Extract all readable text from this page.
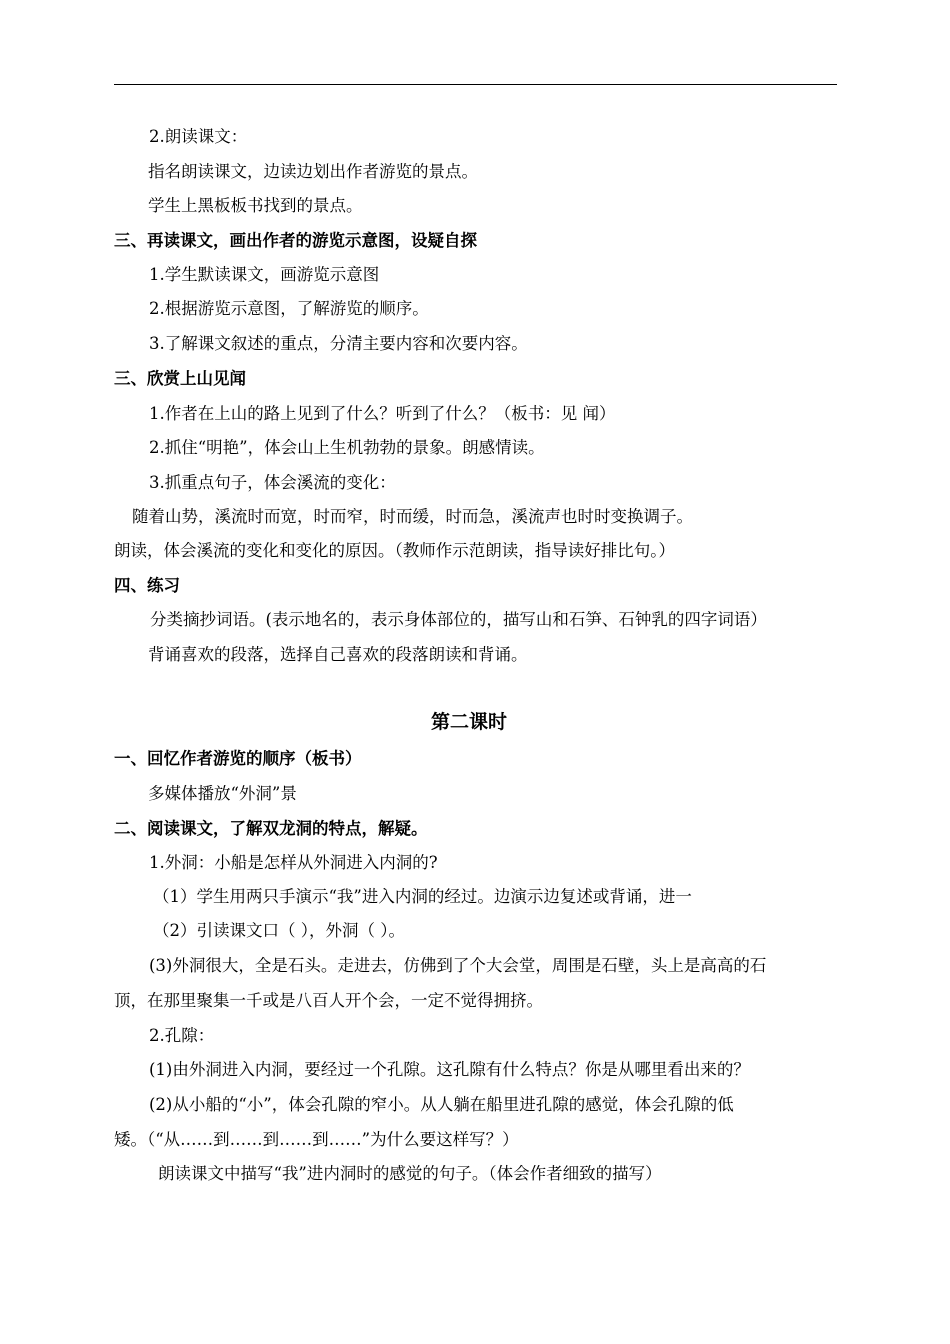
2.朗读课文：
指名朗读课文，边读边划出作者游览的景点。
学生上黑板板书找到的景点。
三、再读课文，画出作者的游览示意图，设疑自探
1.学生默读课文，画游览示意图
2.根据游览示意图，了解游览的顺序。
3.了解课文叙述的重点，分清主要内容和次要内容。
三、欣赏上山见闻
1.作者在上山的路上见到了什么？听到了什么？（板书：见 闻）
2.抓住“明艳”，体会山上生机勃勃的景象。朗感情读。
3.抓重点句子，体会溪流的变化：
随着山势，溪流时而宽，时而窄，时而缓，时而急，溪流声也时时变换调子。
朗读，体会溪流的变化和变化的原因。（教师作示范朗读，指导读好排比句。）
四、练习
分类摘抄词语。(表示地名的，表示身体部位的，描写山和石笋、石钟乳的四字词语）
背诵喜欢的段落，选择自己喜欢的段落朗读和背诵。
第二课时
一、回忆作者游览的顺序（板书）
多媒体播放“外洞”景
二、阅读课文，了解双龙洞的特点，解疑。
1.外洞：小船是怎样从外洞进入内洞的?
（1）学生用两只手演示“我”进入内洞的经过。边演示边复述或背诵，进一
（2）引读课文口（ ），外洞（ ）。
(3)外洞很大，全是石头。走进去，仿佛到了个大会堂，周围是石壁，头上是高高的石
顶，在那里聚集一千或是八百人开个会，一定不觉得拥挤。
2.孔隙：
(1)由外洞进入内洞，要经过一个孔隙。这孔隙有什么特点？你是从哪里看出来的？
(2)从小船的“小”，体会孔隙的窄小。从人躺在船里进孔隙的感觉，体会孔隙的低
矮。（“从……到……到……到……”为什么要这样写？）
朗读课文中描写“我”进内洞时的感觉的句子。（体会作者细致的描写）
